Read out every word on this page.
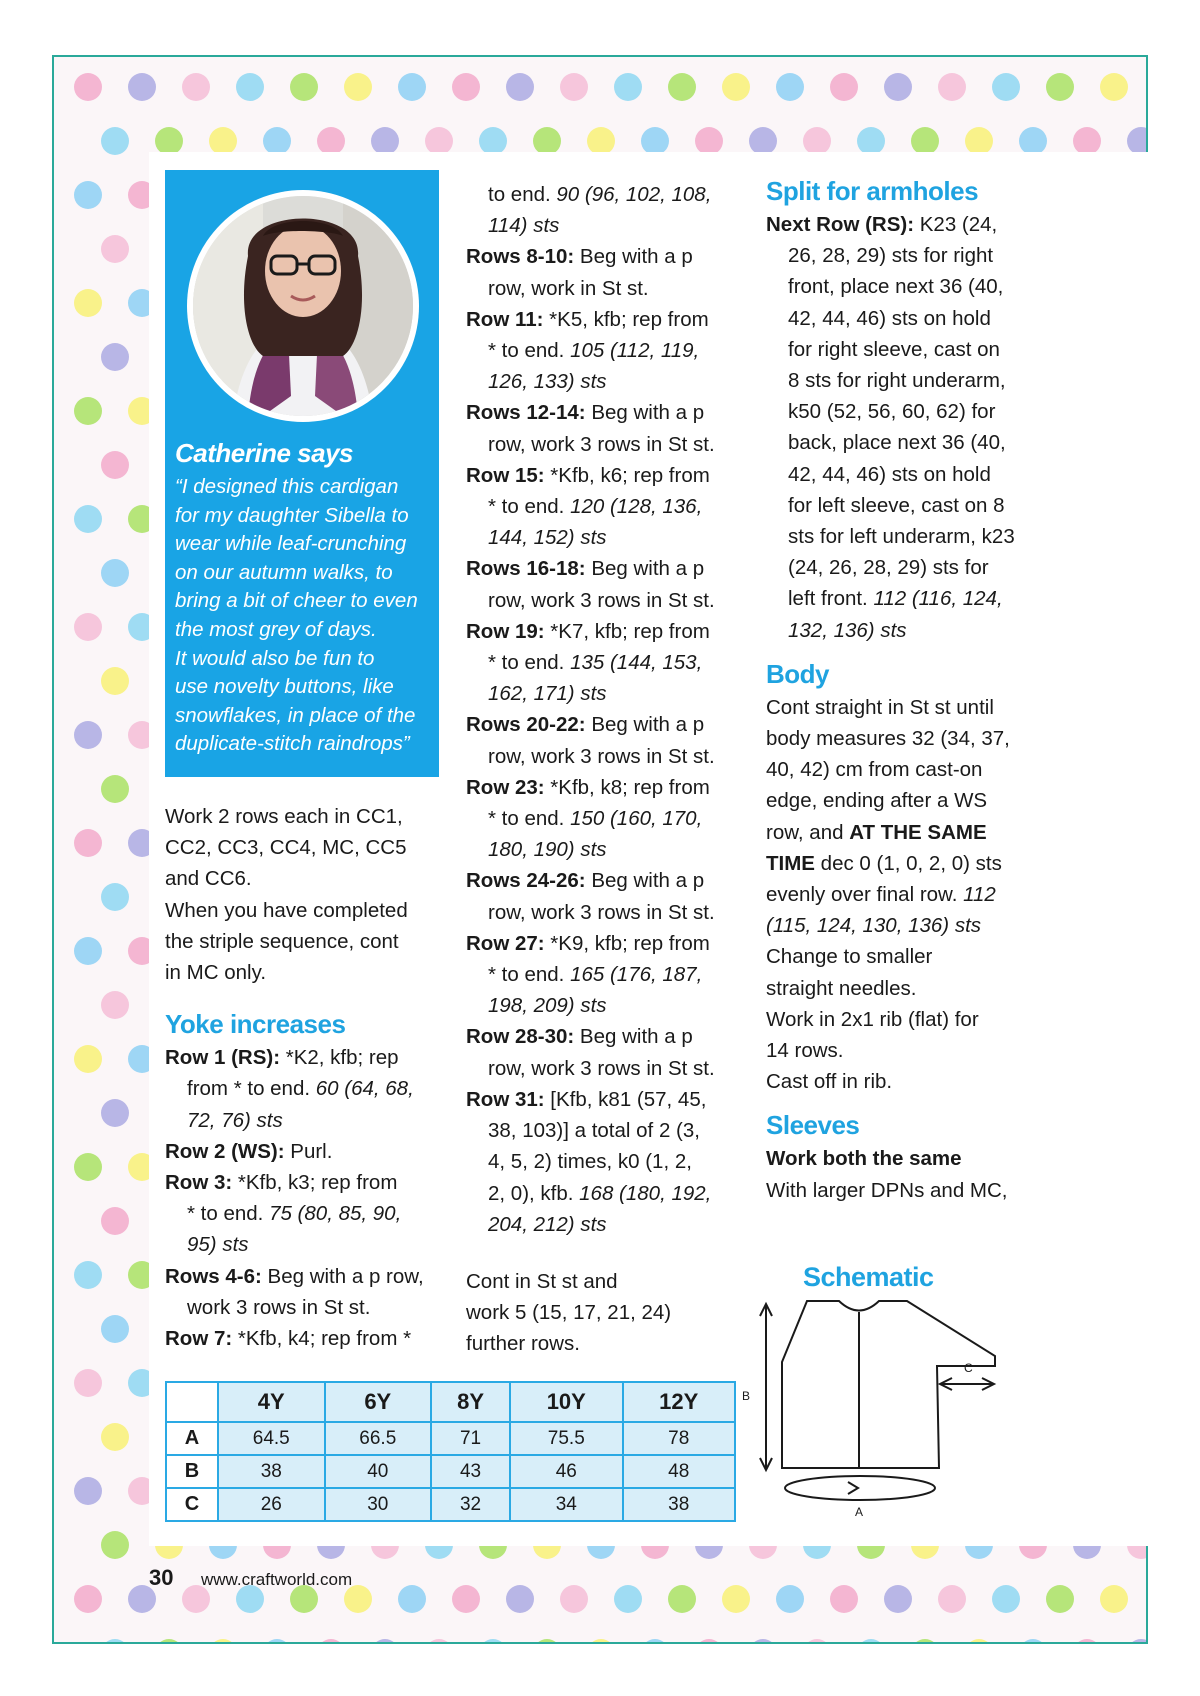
Catherine says

“I designed this cardigan

for my daughter Sibella to

wear while leaf-crunching

on our autumn walks, to

bring a bit of cheer to even

the most grey of days.

It would also be fun to

use novelty buttons, like

snowflakes, in place of the

duplicate-stitch raindrops”

Work 2 rows each in CC1,

CC2, CC3, CC4, MC, CC5

and CC6.

When you have completed

the striple sequence, cont

in MC only.

Yoke increases

Row 1 (RS): *K2, kfb; rep

from * to end. 60 (64, 68,

72, 76) sts

Row 2 (WS): Purl.

Row 3: *Kfb, k3; rep from

* to end. 75 (80, 85, 90,

95) sts

Rows 4-6: Beg with a p row,

work 3 rows in St st.

Row 7: *Kfb, k4; rep from *

to end. 90 (96, 102, 108,

114) sts

Rows 8-10: Beg with a p

row, work in St st.

Row 11: *K5, kfb; rep from

* to end. 105 (112, 119,

126, 133) sts

Rows 12-14: Beg with a p

row, work 3 rows in St st.

Row 15: *Kfb, k6; rep from

* to end. 120 (128, 136,

144, 152) sts

Rows 16-18: Beg with a p

row, work 3 rows in St st.

Row 19: *K7, kfb; rep from

* to end. 135 (144, 153,

162, 171) sts

Rows 20-22: Beg with a p

row, work 3 rows in St st.

Row 23: *Kfb, k8; rep from

* to end. 150 (160, 170,

180, 190) sts

Rows 24-26: Beg with a p

row, work 3 rows in St st.

Row 27: *K9, kfb; rep from

* to end. 165 (176, 187,

198, 209) sts

Row 28-30: Beg with a p

row, work 3 rows in St st.

Row 31: [Kfb, k81 (57, 45,

38, 103)] a total of 2 (3,

4, 5, 2) times, k0 (1, 2,

2, 0), kfb. 168 (180, 192,

204, 212) sts

Cont in St st and

work 5 (15, 17, 21, 24)

further rows.

Split for armholes

Next Row (RS): K23 (24,

26, 28, 29) sts for right

front, place next 36 (40,

42, 44, 46) sts on hold

for right sleeve, cast on

8 sts for right underarm,

k50 (52, 56, 60, 62) for

back, place next 36 (40,

42, 44, 46) sts on hold

for left sleeve, cast on 8

sts for left underarm, k23

(24, 26, 28, 29) sts for

left front. 112 (116, 124,

132, 136) sts

Body

Cont straight in St st until

body measures 32 (34, 37,

40, 42) cm from cast-on

edge, ending after a WS

row, and AT THE SAME

TIME dec 0 (1, 0, 2, 0) sts

evenly over final row. 112

(115, 124, 130, 136) sts

Change to smaller

straight needles.

Work in 2x1 rib (flat) for

14 rows.

Cast off in rib.

Sleeves

Work both the same

With larger DPNs and MC,

	4Y	6Y	8Y	10Y	12Y
A	64.5	66.5	71	75.5	78
B	38	40	43	46	48
C	26	30	32	34	38
Schematic
B
C
A
30 www.craftworld.com
